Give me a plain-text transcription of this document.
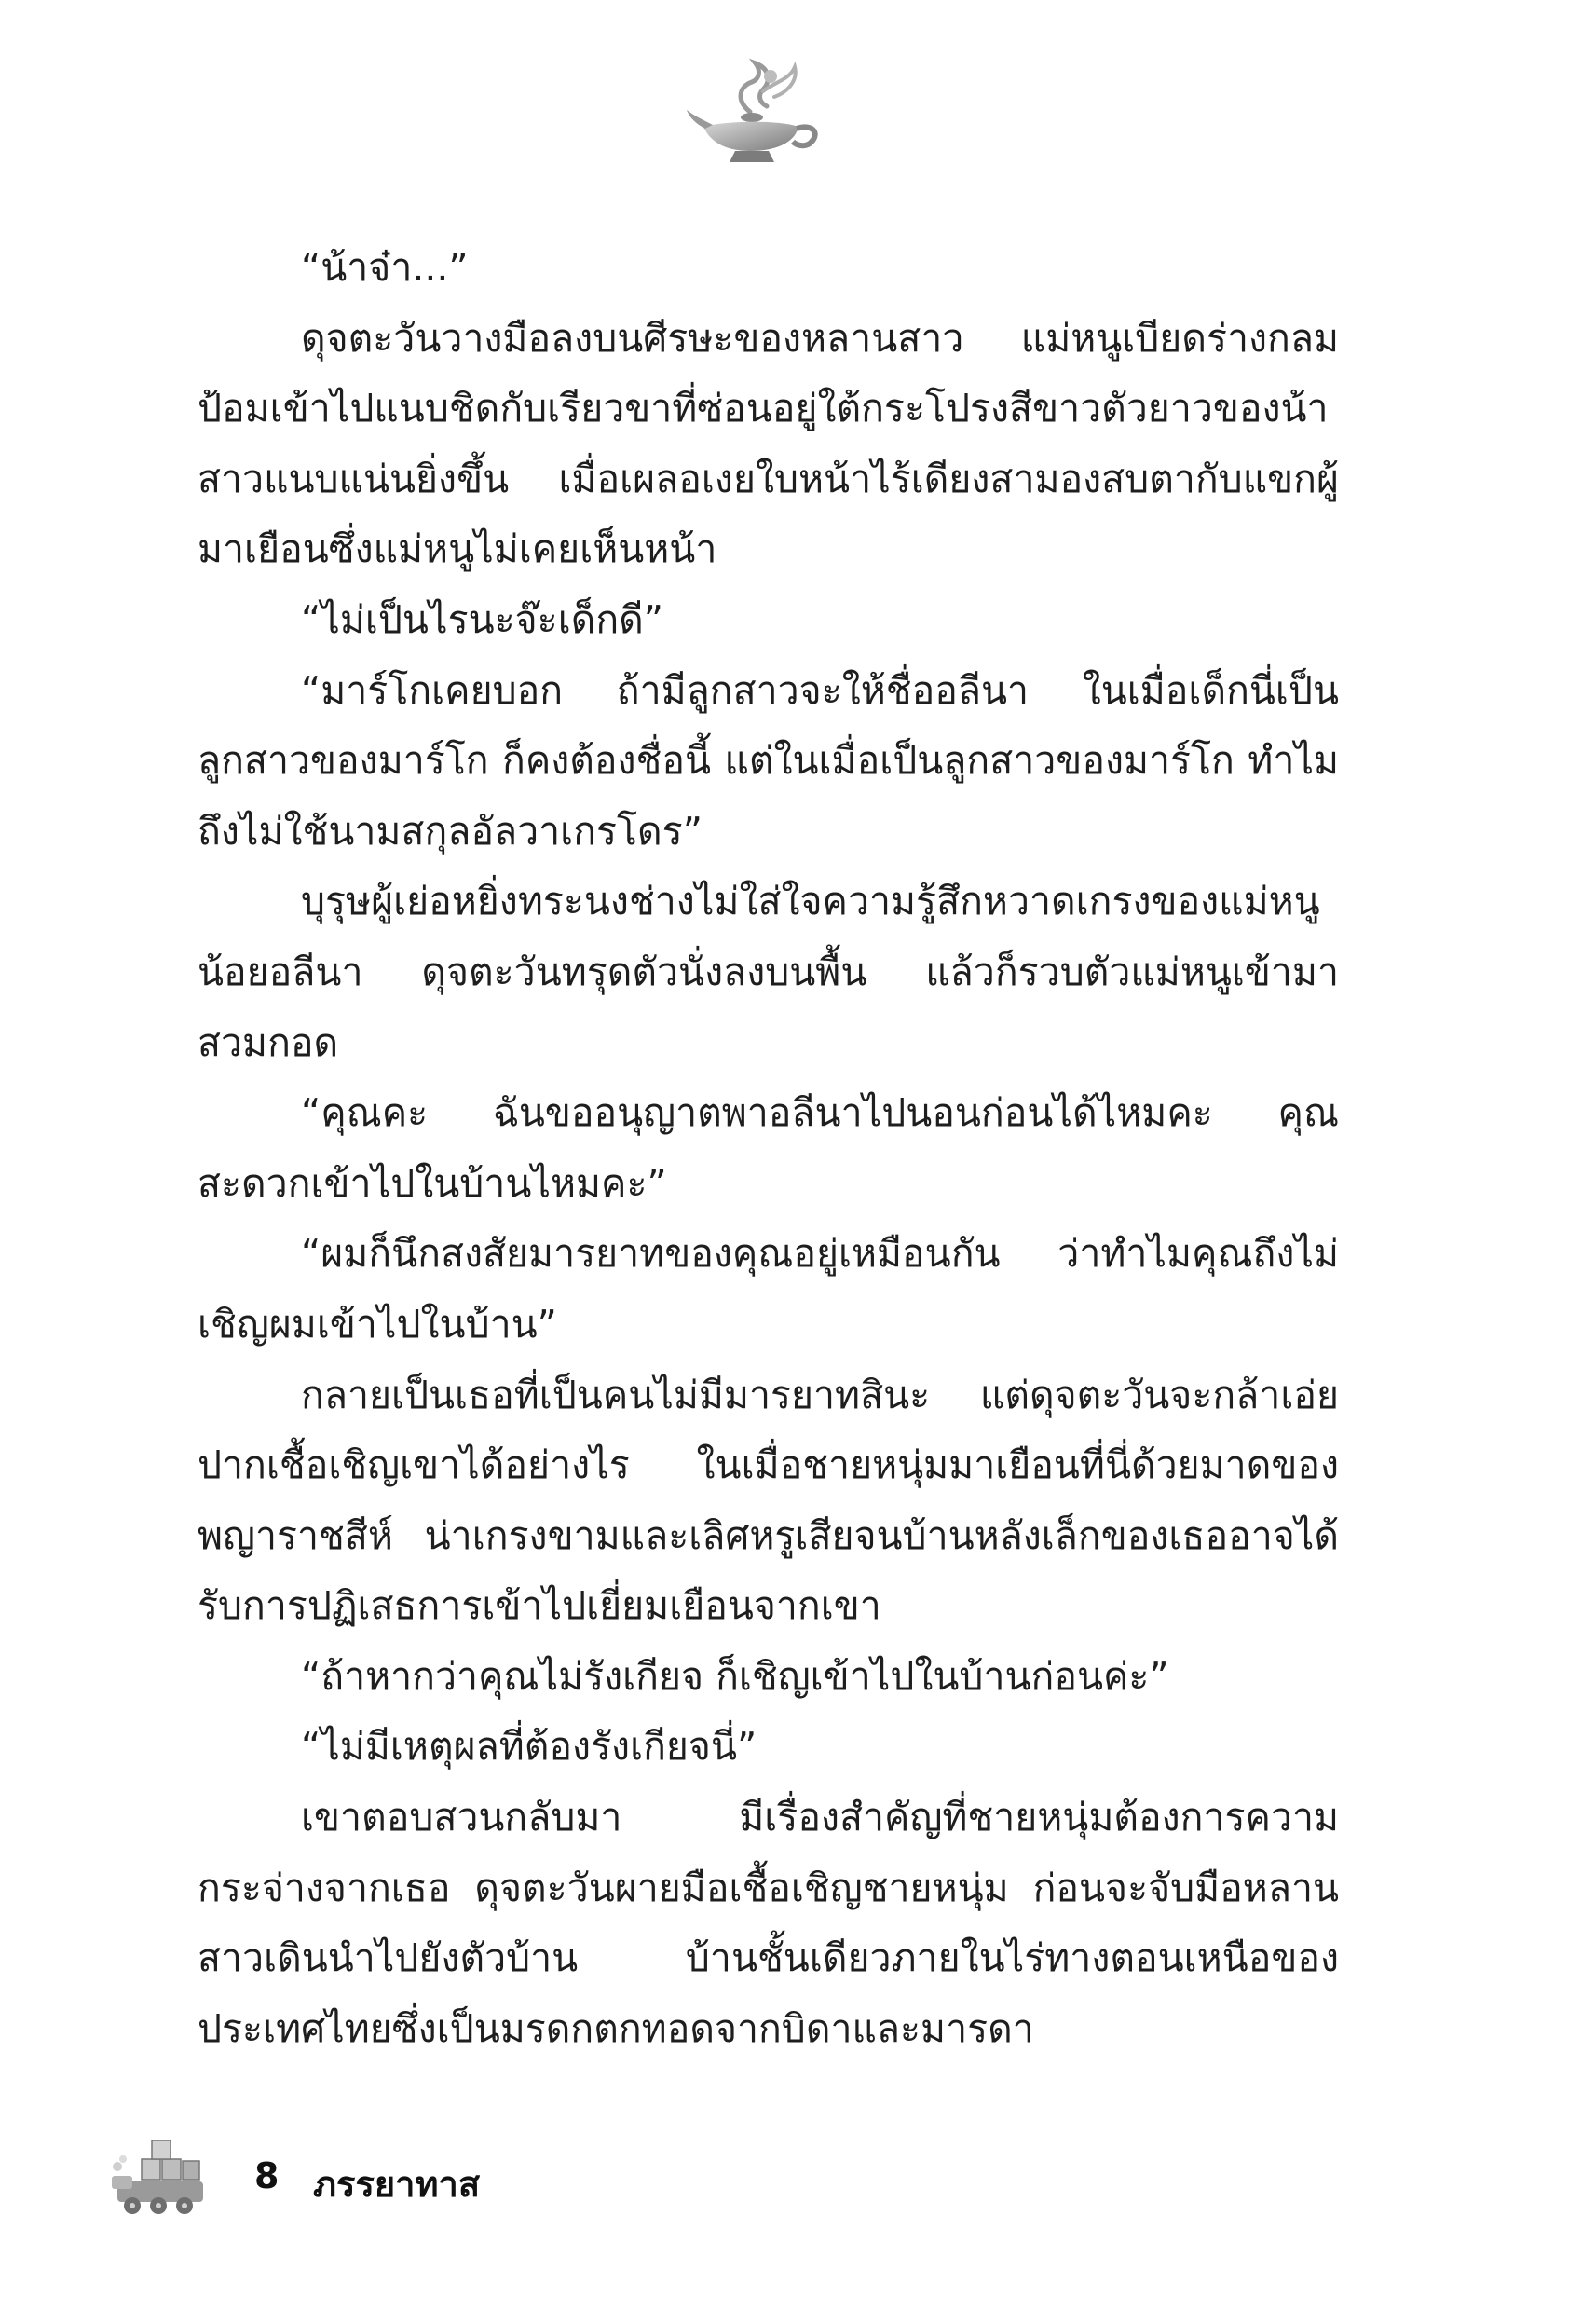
“น้าจ๋า...”

ดุจตะวันวางมือลงบนศีรษะของหลานสาว แม่หนูเบียดร่างกลมป้อมเข้าไปแนบชิดกับเรียวขาที่ซ่อนอยู่ใต้กระโปรงสีขาวตัวยาวของน้าสาวแนบแน่นยิ่งขึ้น เมื่อเผลอเงยใบหน้าไร้เดียงสามองสบตากับแขกผู้มาเยือนซึ่งแม่หนูไม่เคยเห็นหน้า

“ไม่เป็นไรนะจ๊ะเด็กดี”

“มาร์โกเคยบอก ถ้ามีลูกสาวจะให้ชื่ออลีนา ในเมื่อเด็กนี่เป็นลูกสาวของมาร์โก ก็คงต้องชื่อนี้ แต่ในเมื่อเป็นลูกสาวของมาร์โก ทำไมถึงไม่ใช้นามสกุลอัลวาเกรโดร”

บุรุษผู้เย่อหยิ่งทระนงช่างไม่ใส่ใจความรู้สึกหวาดเกรงของแม่หนูน้อยอลีนา ดุจตะวันทรุดตัวนั่งลงบนพื้น แล้วก็รวบตัวแม่หนูเข้ามาสวมกอด

“คุณคะ ฉันขออนุญาตพาอลีนาไปนอนก่อนได้ไหมคะ คุณสะดวกเข้าไปในบ้านไหมคะ”

“ผมก็นึกสงสัยมารยาทของคุณอยู่เหมือนกัน ว่าทำไมคุณถึงไม่เชิญผมเข้าไปในบ้าน”

กลายเป็นเธอที่เป็นคนไม่มีมารยาทสินะ แต่ดุจตะวันจะกล้าเอ่ยปากเชื้อเชิญเขาได้อย่างไร ในเมื่อชายหนุ่มมาเยือนที่นี่ด้วยมาดของพญาราชสีห์ น่าเกรงขามและเลิศหรูเสียจนบ้านหลังเล็กของเธออาจได้รับการปฏิเสธการเข้าไปเยี่ยมเยือนจากเขา

“ถ้าหากว่าคุณไม่รังเกียจ ก็เชิญเข้าไปในบ้านก่อนค่ะ”

“ไม่มีเหตุผลที่ต้องรังเกียจนี่”

เขาตอบสวนกลับมา มีเรื่องสำคัญที่ชายหนุ่มต้องการความกระจ่างจากเธอ ดุจตะวันผายมือเชื้อเชิญชายหนุ่ม ก่อนจะจับมือหลานสาวเดินนำไปยังตัวบ้าน บ้านชั้นเดียวภายในไร่ทางตอนเหนือของประเทศไทยซึ่งเป็นมรดกตกทอดจากบิดาและมารดา

8 ภรรยาทาส
